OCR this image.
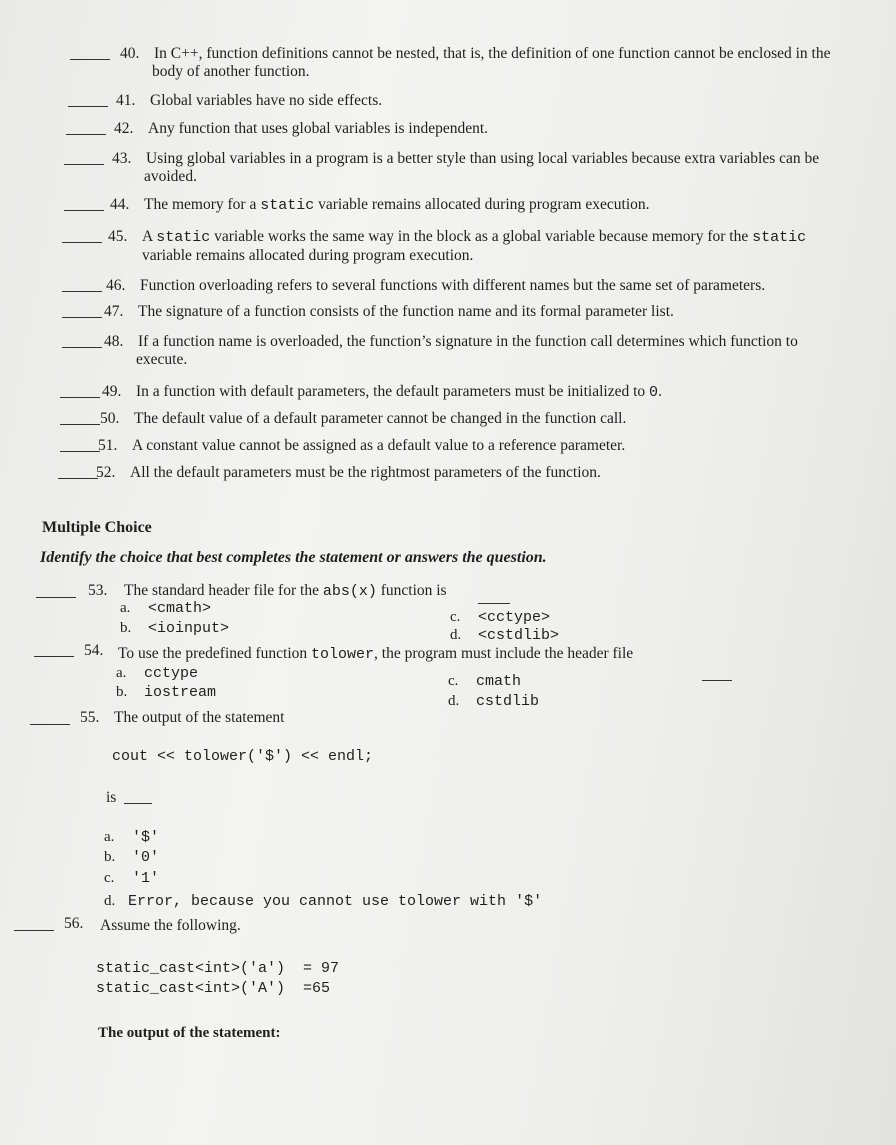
40. In C++, function definitions cannot be nested, that is, the definition of one function cannot be enclosed in the
body of another function.
41. Global variables have no side effects.
42. Any function that uses global variables is independent.
43. Using global variables in a program is a better style than using local variables because extra variables can be
avoided.
44. The memory for a static variable remains allocated during program execution.
45. A static variable works the same way in the block as a global variable because memory for the static
variable remains allocated during program execution.
46. Function overloading refers to several functions with different names but the same set of parameters.
47. The signature of a function consists of the function name and its formal parameter list.
48. If a function name is overloaded, the function’s signature in the function call determines which function to
execute.
49. In a function with default parameters, the default parameters must be initialized to 0.
50. The default value of a default parameter cannot be changed in the function call.
51. A constant value cannot be assigned as a default value to a reference parameter.
52. All the default parameters must be the rightmost parameters of the function.
Multiple Choice
Identify the choice that best completes the statement or answers the question.
53. The standard header file for the abs(x) function is
a. <cmath>
b. <ioinput>
c. <cctype>
d. <cstdlib>
54. To use the predefined function tolower, the program must include the header file
a. cctype
b. iostream
c. cmath
d. cstdlib
55. The output of the statement
cout << tolower('$') << endl;
is
a. '$'
b. '0'
c. '1'
d. Error, because you cannot use tolower with '$'
56. Assume the following.
static_cast<int>('a')  = 97
static_cast<int>('A')  =65
The output of the statement:
